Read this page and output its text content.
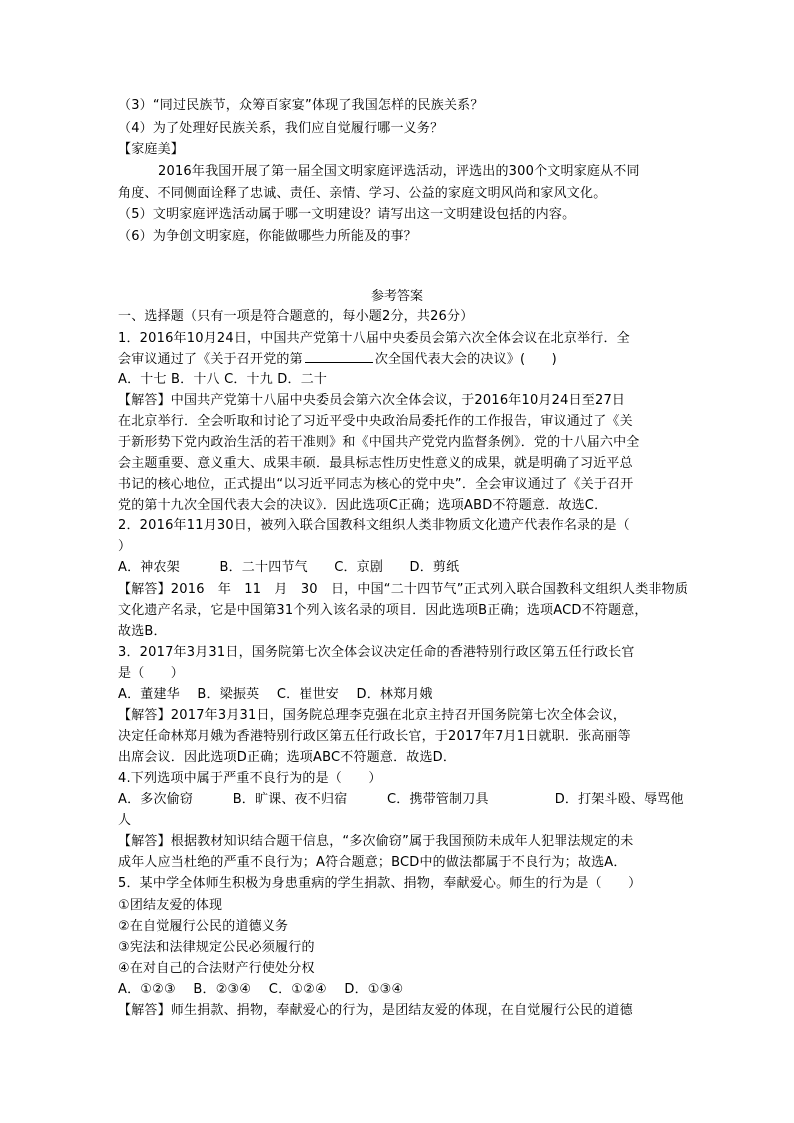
（3）“同过民族节，众筹百家宴”体现了我国怎样的民族关系？
（4）为了处理好民族关系，我们应自觉履行哪一义务？
【家庭美】
2016年我国开展了第一届全国文明家庭评选活动，评选出的300个文明家庭从不同
角度、不同侧面诠释了忠诚、责任、亲情、学习、公益的家庭文明风尚和家风文化。
（5）文明家庭评选活动属于哪一文明建设？请写出这一文明建设包括的内容。
（6）为争创文明家庭，你能做哪些力所能及的事？
参考答案
一、选择题（只有一项是符合题意的，每小题2分，共26分）
1．2016年10月24日，中国共产党第十八届中央委员会第六次全体会议在北京举行．全
会审议通过了《关于召开党的第	次全国代表大会的决议》(　　)
A．十七 B．十八 C．十九 D．二十
【解答】中国共产党第十八届中央委员会第六次全体会议，于2016年10月24日至27日
在北京举行．全会听取和讨论了习近平受中央政治局委托作的工作报告，审议通过了《关
于新形势下党内政治生活的若干准则》和《中国共产党党内监督条例》．党的十八届六中全
会主题重要、意义重大、成果丰硕．最具标志性历史性意义的成果，就是明确了习近平总
书记的核心地位，正式提出“以习近平同志为核心的党中央”．全会审议通过了《关于召开
党的第十九次全国代表大会的决议》．因此选项C正确；选项ABD不符题意．故选C．
2．2016年11月30日，被列入联合国教科文组织人类非物质文化遗产代表作名录的是（
）
A．神农架　　　B．二十四节气　　C．京剧　　D．剪纸
【解答】2016　年　11　月　30　日，中国“二十四节气”正式列入联合国教科文组织人类非物质
文化遗产名录，它是中国第31个列入该名录的项目．因此选项B正确；选项ACD不符题意，
故选B．
3．2017年3月31日，国务院第七次全体会议决定任命的香港特别行政区第五任行政长官
是（　　）
A．董建华　 B．梁振英　 C．崔世安　 D．林郑月娥
【解答】2017年3月31日，国务院总理李克强在北京主持召开国务院第七次全体会议，
决定任命林郑月娥为香港特别行政区第五任行政长官，于2017年7月1日就职．张高丽等
出席会议．因此选项D正确；选项ABC不符题意．故选D．
4.下列选项中属于严重不良行为的是（　　）
A．多次偷窃　　　B．旷课、夜不归宿　　　C．携带管制刀具　　　　　D．打架斗殴、辱骂他
人
【解答】根据教材知识结合题干信息，“多次偷窃”属于我国预防未成年人犯罪法规定的未
成年人应当杜绝的严重不良行为；A符合题意；BCD中的做法都属于不良行为；故选A．
5．某中学全体师生积极为身患重病的学生捐款、捐物，奉献爱心。师生的行为是（　　）
①团结友爱的体现
②在自觉履行公民的道德义务
③宪法和法律规定公民必须履行的
④在对自己的合法财产行使处分权
A．①②③　 B．②③④　 C．①②④　 D．①③④
【解答】师生捐款、捐物，奉献爱心的行为，是团结友爱的体现，在自觉履行公民的道德
